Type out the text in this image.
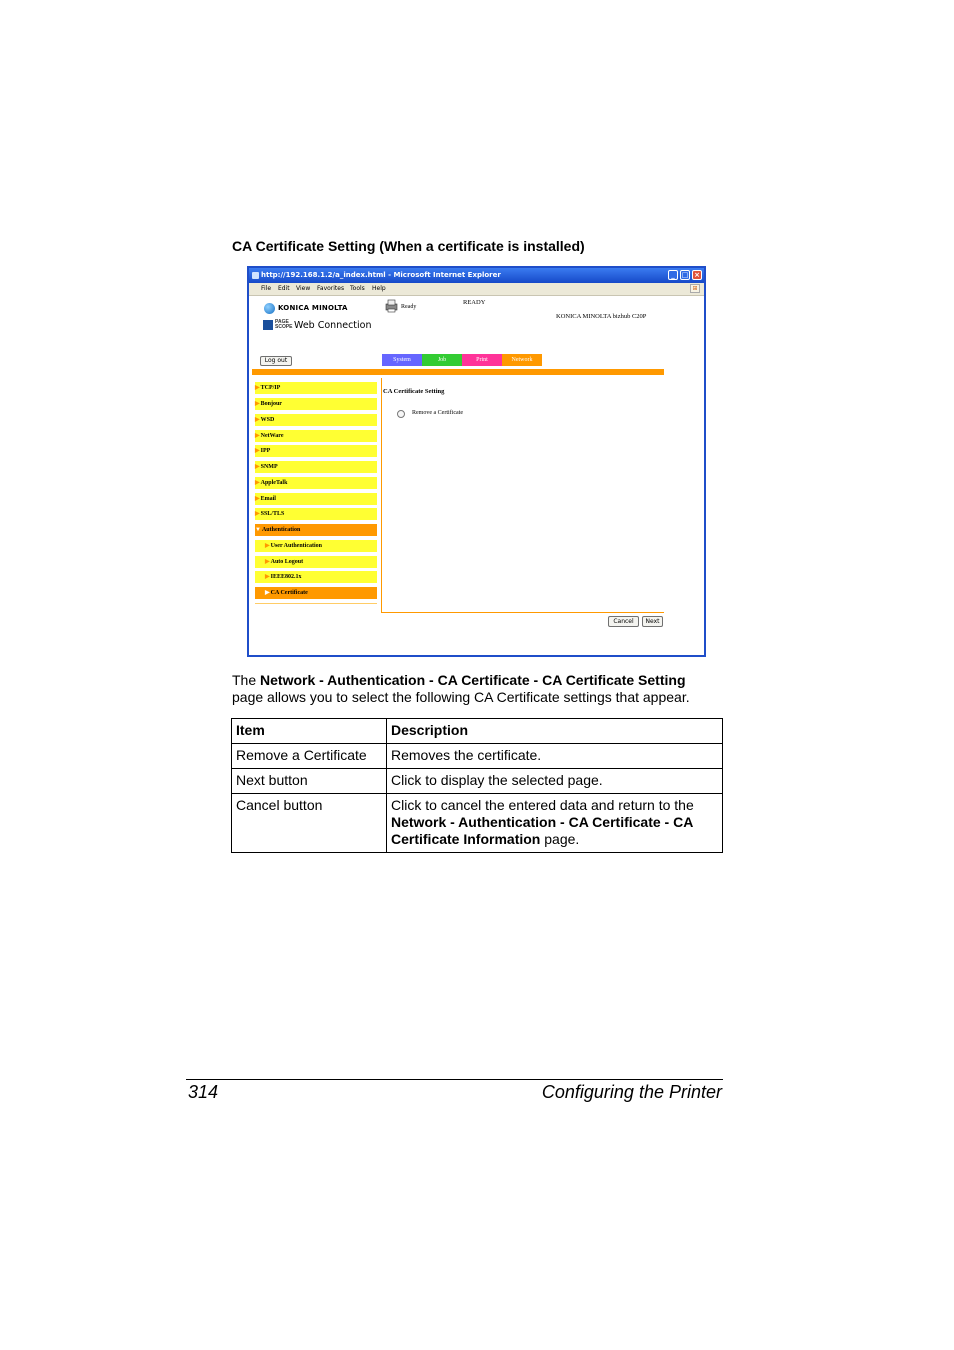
CA Certificate Setting (When a certificate is installed)
http://192.168.1.2/a_index.html - Microsoft Internet Explorer	_ □ ×
File Edit View Favorites Tools Help	⊞
KONICA MINOLTA
PAGE
SCOPE Web Connection
Ready
READY
KONICA MINOLTA bizhub C20P
Log out	System	Job	Print	Network
▶TCP/IP
▶Bonjour
▶WSD
▶NetWare
▶IPP
▶SNMP
▶AppleTalk
▶Email
▶SSL/TLS
▼Authentication
▶User Authentication
▶Auto Logout
▶IEEE802.1x
▶CA Certificate
CA Certificate Setting
Remove a Certificate
Cancel	Next
The Network - Authentication - CA Certificate - CA Certificate Setting
page allows you to select the following CA Certificate settings that appear.
Item	Description
Remove a Certificate	Removes the certificate.
Next button	Click to display the selected page.
Cancel button	Click to cancel the entered data and return to the
Network - Authentication - CA Certificate - CA Certificate Information page.
314	Configuring the Printer
